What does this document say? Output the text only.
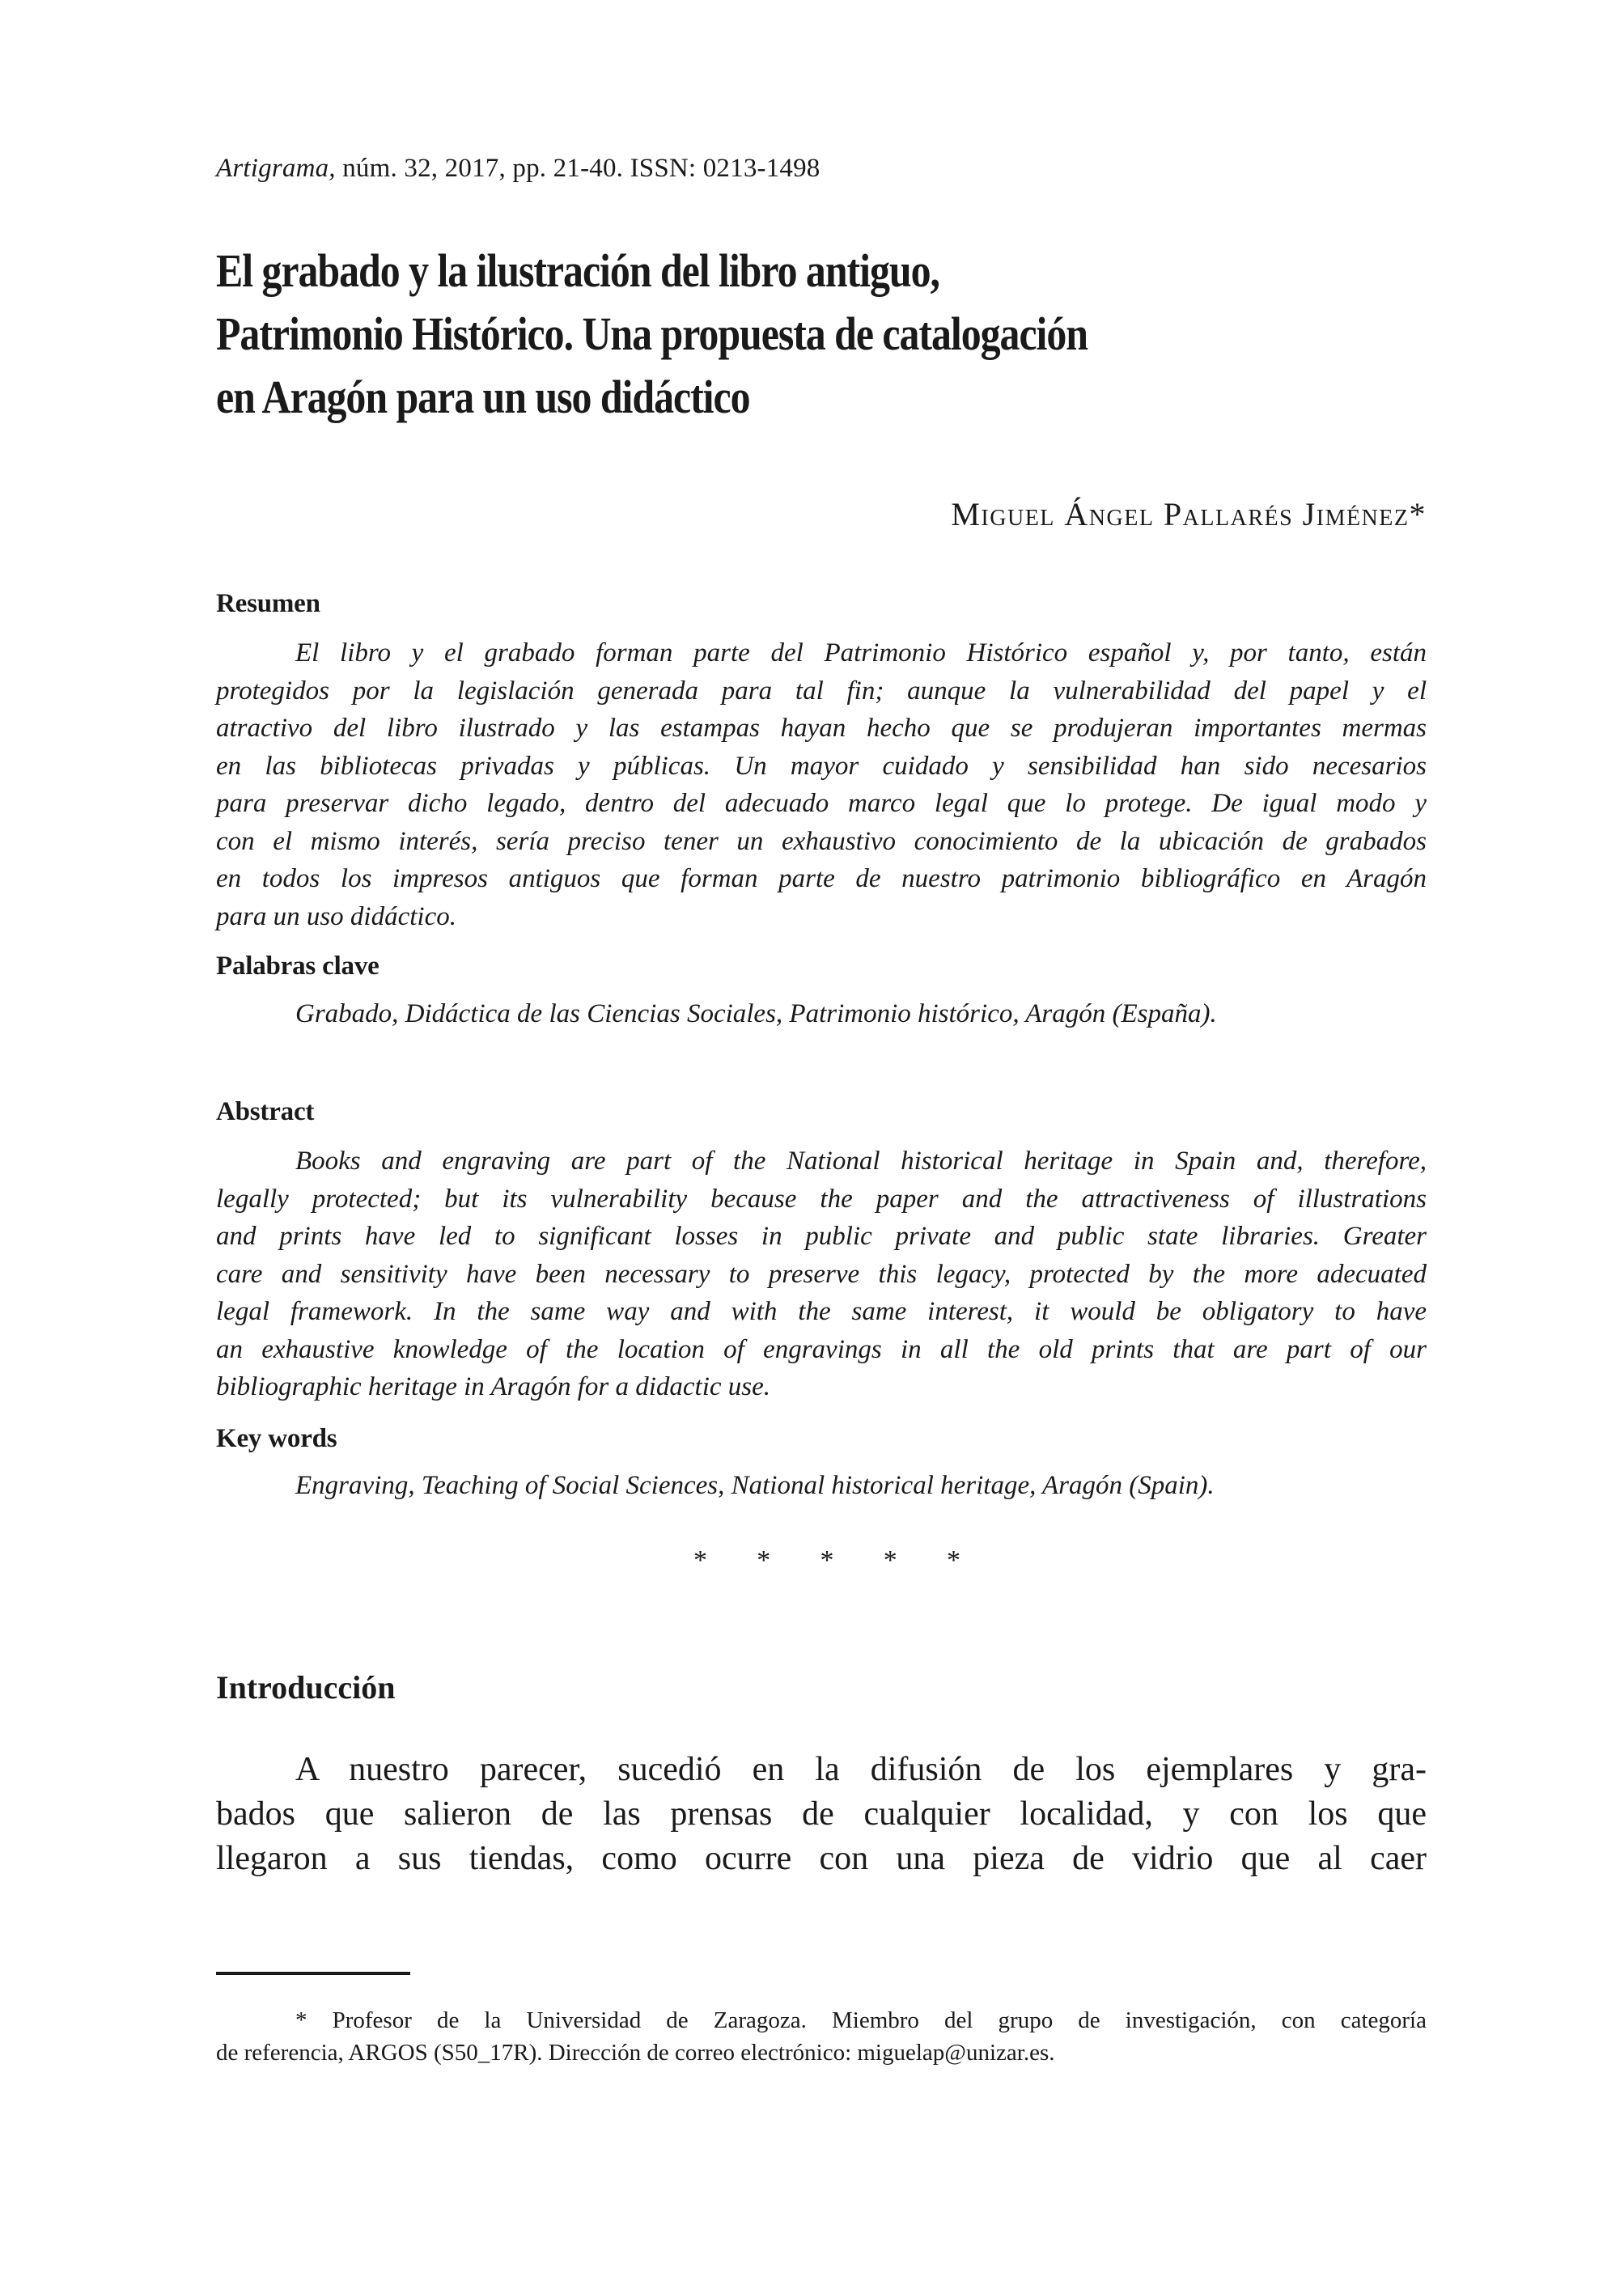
Artigrama, núm. 32, 2017, pp. 21-40. ISSN: 0213-1498
El grabado y la ilustración del libro antiguo,
Patrimonio Histórico. Una propuesta de catalogación
en Aragón para un uso didáctico
Miguel Ángel Pallarés Jiménez*
Resumen
El libro y el grabado forman parte del Patrimonio Histórico español y, por tanto, están
protegidos por la legislación generada para tal fin; aunque la vulnerabilidad del papel y el
atractivo del libro ilustrado y las estampas hayan hecho que se produjeran importantes mermas
en las bibliotecas privadas y públicas. Un mayor cuidado y sensibilidad han sido necesarios
para preservar dicho legado, dentro del adecuado marco legal que lo protege. De igual modo y
con el mismo interés, sería preciso tener un exhaustivo conocimiento de la ubicación de grabados
en todos los impresos antiguos que forman parte de nuestro patrimonio bibliográfico en Aragón
para un uso didáctico.
Palabras clave
Grabado, Didáctica de las Ciencias Sociales, Patrimonio histórico, Aragón (España).
Abstract
Books and engraving are part of the National historical heritage in Spain and, therefore,
legally protected; but its vulnerability because the paper and the attractiveness of illustrations
and prints have led to significant losses in public private and public state libraries. Greater
care and sensitivity have been necessary to preserve this legacy, protected by the more adecuated
legal framework. In the same way and with the same interest, it would be obligatory to have
an exhaustive knowledge of the location of engravings in all the old prints that are part of our
bibliographic heritage in Aragón for a didactic use.
Key words
Engraving, Teaching of Social Sciences, National historical heritage, Aragón (Spain).
* * * * *
Introducción
A nuestro parecer, sucedió en la difusión de los ejemplares y gra-
bados que salieron de las prensas de cualquier localidad, y con los que
llegaron a sus tiendas, como ocurre con una pieza de vidrio que al caer
* Profesor de la Universidad de Zaragoza. Miembro del grupo de investigación, con categoría
de referencia, ARGOS (S50_17R). Dirección de correo electrónico: miguelap@unizar.es.
